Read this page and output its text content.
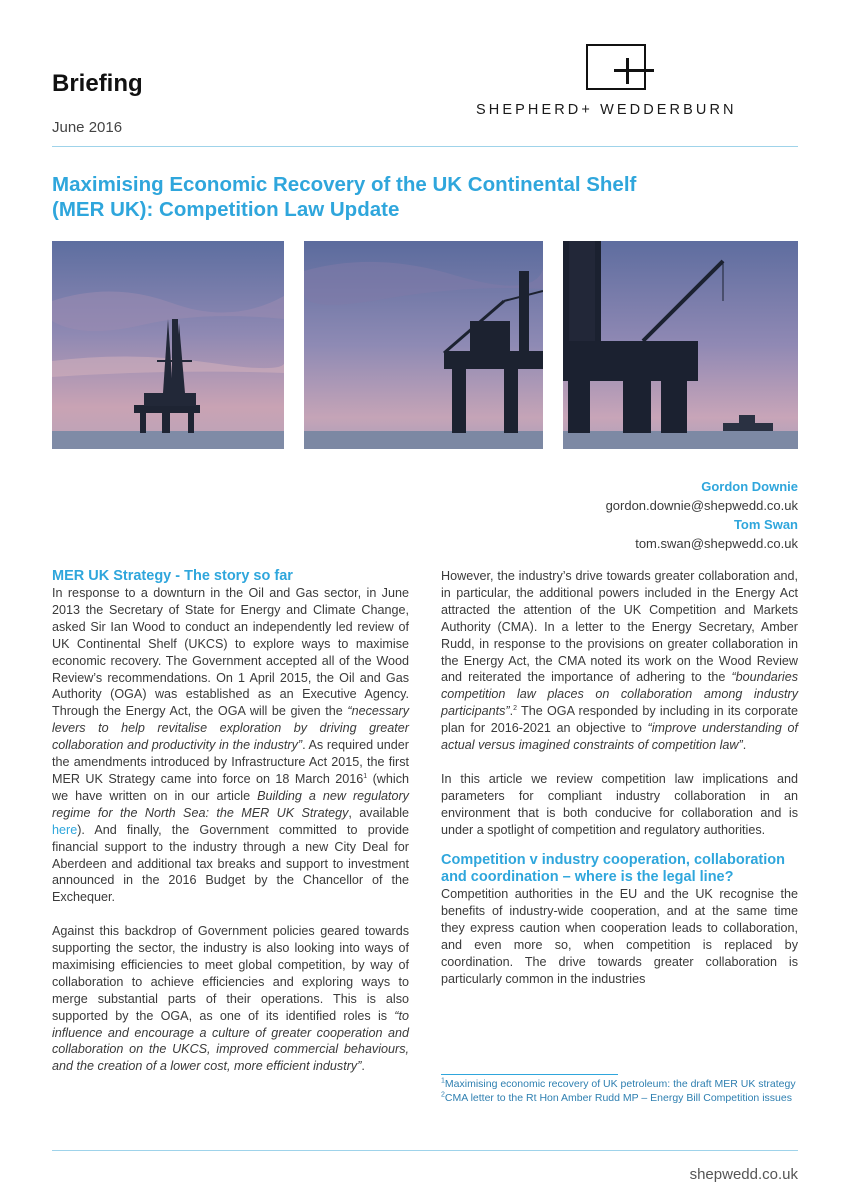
Briefing
June 2016
SHEPHERD+ WEDDERBURN
Maximising Economic Recovery of the UK Continental Shelf (MER UK): Competition Law Update
Gordon Downie
gordon.downie@shepwedd.co.uk
Tom Swan
tom.swan@shepwedd.co.uk
MER UK Strategy - The story so far

In response to a downturn in the Oil and Gas sector, in June 2013 the Secretary of State for Energy and Climate Change, asked Sir Ian Wood to conduct an independently led review of UK Continental Shelf (UKCS) to explore ways to maximise economic recovery. The Government accepted all of the Wood Review’s recommendations. On 1 April 2015, the Oil and Gas Authority (OGA) was established as an Executive Agency. Through the Energy Act, the OGA will be given the “necessary levers to help revitalise exploration by driving greater collaboration and productivity in the industry”. As required under the amendments introduced by Infrastructure Act 2015, the first MER UK Strategy came into force on 18 March 2016$^1$ (which we have written on in our article Building a new regulatory regime for the North Sea: the MER UK Strategy, available here). And finally, the Government committed to provide financial support to the industry through a new City Deal for Aberdeen and additional tax breaks and support to investment announced in the 2016 Budget by the Chancellor of the Exchequer.

Against this backdrop of Government policies geared towards supporting the sector, the industry is also looking into ways of maximising efficiencies to meet global competition, by way of collaboration to achieve efficiencies and exploring ways to merge substantial parts of their operations. This is also supported by the OGA, as one of its identified roles is “to influence and encourage a culture of greater cooperation and collaboration on the UKCS, improved commercial behaviours, and the creation of a lower cost, more efficient industry”.

However, the industry’s drive towards greater collaboration and, in particular, the additional powers included in the Energy Act attracted the attention of the UK Competition and Markets Authority (CMA). In a letter to the Energy Secretary, Amber Rudd, in response to the provisions on greater collaboration in the Energy Act, the CMA noted its work on the Wood Review and reiterated the importance of adhering to the “boundaries competition law places on collaboration among industry participants”.$^2$ The OGA responded by including in its corporate plan for 2016-2021 an objective to “improve understanding of actual versus imagined constraints of competition law”.

In this article we review competition law implications and parameters for compliant industry collaboration in an environment that is both conducive for collaboration and is under a spotlight of competition and regulatory authorities.

Competition v industry cooperation, collaboration and coordination – where is the legal line?

Competition authorities in the EU and the UK recognise the benefits of industry-wide cooperation, and at the same time they express caution when cooperation leads to collaboration, and even more so, when competition is replaced by coordination. The drive towards greater collaboration is particularly common in the industries

$^1$Maximising economic recovery of UK petroleum: the draft MER UK strategy
$^2$CMA letter to the Rt Hon Amber Rudd MP – Energy Bill Competition issues
shepwedd.co.uk
